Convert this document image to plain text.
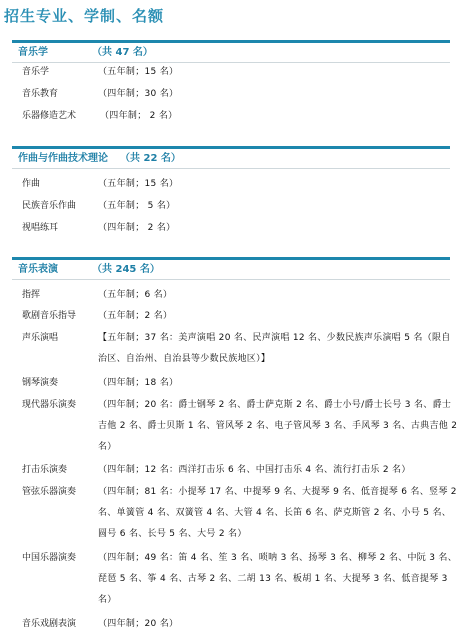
招生专业、学制、名额
音乐学	（共 47 名）
音乐学	（五年制；15 名）
音乐教育	（四年制；30 名）
乐器修造艺术	（四年制； 2 名）
作曲与作曲技术理论 （共 22 名）
作曲	（五年制；15 名）
民族音乐作曲 （五年制； 5 名）
视唱练耳	（四年制； 2 名）
音乐表演	（共 245 名）
指挥	（五年制；6 名）
歌剧音乐指导 （五年制；2 名）
声乐演唱	【五年制；37 名：美声演唱 20 名、民声演唱 12 名、少数民族声乐演唱 5 名（限自治区、自治州、自治县等少数民族地区）】
钢琴演奏	（四年制；18 名）
现代器乐演奏 （四年制；20 名：爵士钢琴 2 名、爵士萨克斯 2 名、爵士小号/爵士长号 3 名、爵士吉他 2 名、爵士贝斯 1 名、管风琴 2 名、电子管风琴 3 名、手风琴 3 名、古典吉他 2 名）
打击乐演奏	（四年制；12 名：西洋打击乐 6 名、中国打击乐 4 名、流行打击乐 2 名）
管弦乐器演奏 （四年制；81 名：小提琴 17 名、中提琴 9 名、大提琴 9 名、低音提琴 6 名、竖琴 2 名、单簧管 4 名、双簧管 4 名、大管 4 名、长笛 6 名、萨克斯管 2 名、小号 5 名、圆号 6 名、长号 5 名、大号 2 名）
中国乐器演奏 （四年制；49 名：笛 4 名、笙 3 名、唢呐 3 名、扬琴 3 名、柳琴 2 名、中阮 3 名、琵琶 5 名、筝 4 名、古琴 2 名、二胡 13 名、板胡 1 名、大提琴 3 名、低音提琴 3 名）
音乐戏剧表演 （四年制；20 名）
